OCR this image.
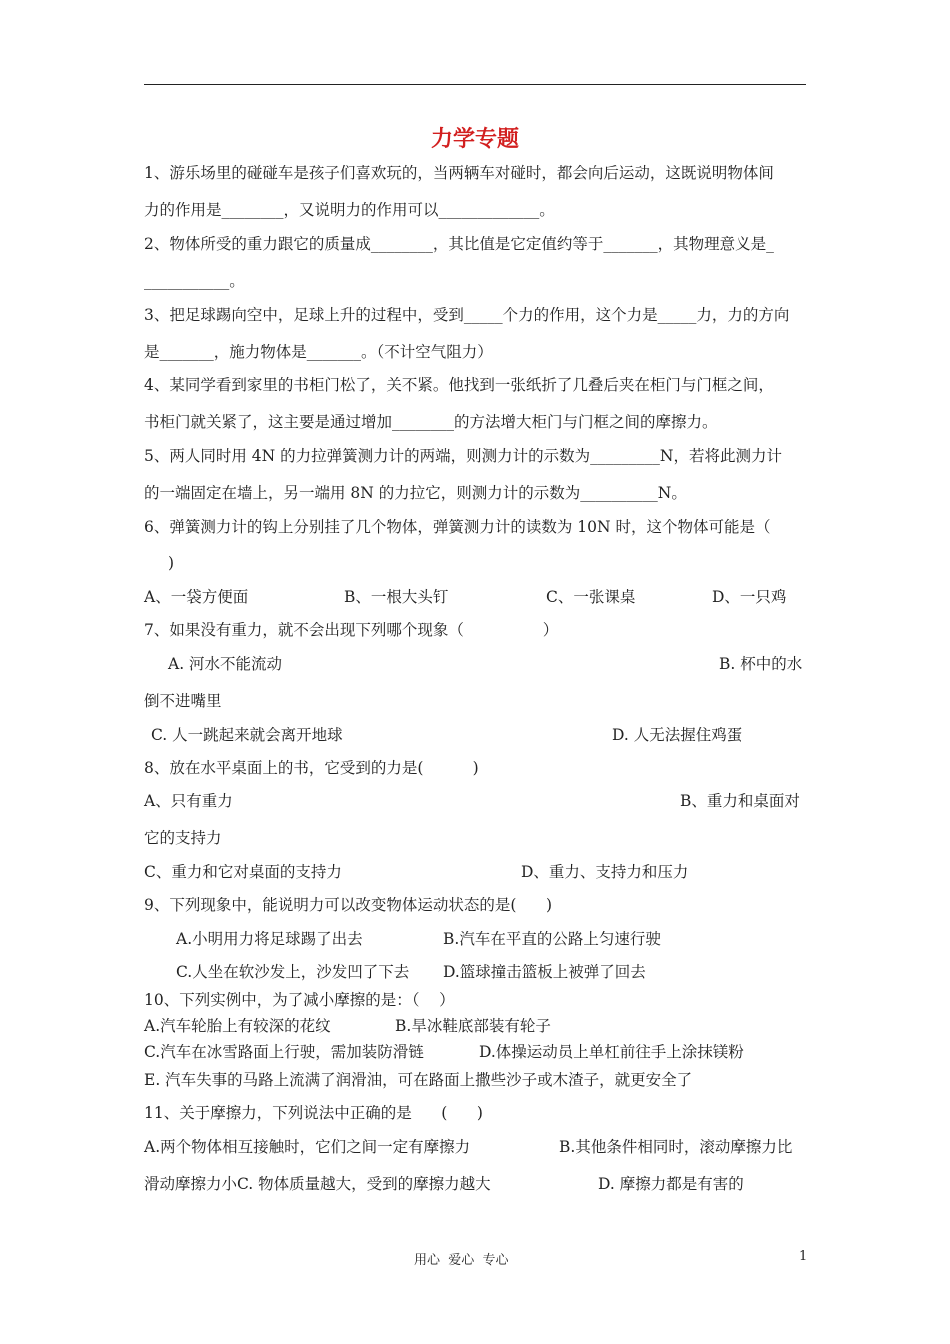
力学专题
1、游乐场里的碰碰车是孩子们喜欢玩的，当两辆车对碰时，都会向后运动，这既说明物体间
力的作用是________，又说明力的作用可以_____________。
2、物体所受的重力跟它的质量成________，其比值是它定值约等于_______，其物理意义是_
___________。
3、把足球踢向空中，足球上升的过程中，受到_____个力的作用，这个力是_____力，力的方向
是_______，施力物体是_______。（不计空气阻力）
4、某同学看到家里的书柜门松了，关不紧。他找到一张纸折了几叠后夹在柜门与门框之间，
书柜门就关紧了，这主要是通过增加________的方法增大柜门与门框之间的摩擦力。
5、两人同时用 4N 的力拉弹簧测力计的两端，则测力计的示数为_________N，若将此测力计
的一端固定在墙上，另一端用 8N 的力拉它，则测力计的示数为__________N。
6、弹簧测力计的钩上分别挂了几个物体，弹簧测力计的读数为 10N 时，这个物体可能是（
)
A、一袋方便面	B、一根大头钉	C、一张课桌	D、一只鸡
7、如果没有重力，就不会出现下列哪个现象（                ）
A. 河水不能流动	B. 杯中的水
倒不进嘴里
C. 人一跳起来就会离开地球	D. 人无法握住鸡蛋
8、放在水平桌面上的书，它受到的力是(          )
A、只有重力	B、重力和桌面对
它的支持力
C、重力和它对桌面的支持力	D、重力、支持力和压力
9、下列现象中，能说明力可以改变物体运动状态的是(      )
A.小明用力将足球踢了出去	B.汽车在平直的公路上匀速行驶
C.人坐在软沙发上，沙发凹了下去 D.篮球撞击篮板上被弹了回去
10、下列实例中，为了减小摩擦的是：（    ）
A.汽车轮胎上有较深的花纹	B.旱冰鞋底部装有轮子
C.汽车在冰雪路面上行驶，需加装防滑链	D.体操运动员上单杠前往手上涂抹镁粉
E. 汽车失事的马路上流满了润滑油，可在路面上撒些沙子或木渣子，就更安全了
11、关于摩擦力，下列说法中正确的是      (      )
A.两个物体相互接触时，它们之间一定有摩擦力	B.其他条件相同时，滚动摩擦力比
滑动摩擦力小C. 物体质量越大，受到的摩擦力越大	D. 摩擦力都是有害的
用心  爱心  专心	1
